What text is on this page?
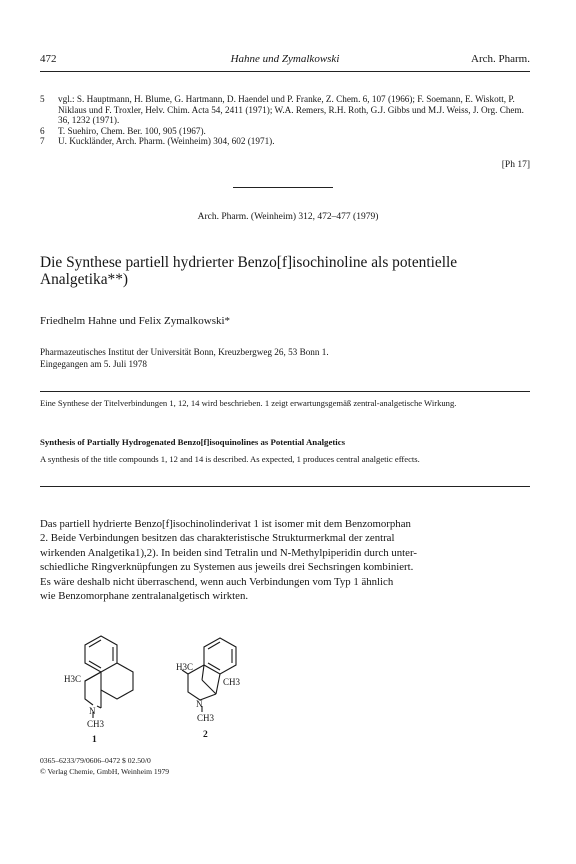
472	Hahne und Zymalkowski	Arch. Pharm.
5 vgl.: S. Hauptmann, H. Blume, G. Hartmann, D. Haendel und P. Franke, Z. Chem. 6, 107 (1966); F. Soemann, E. Wiskott, P. Niklaus und F. Troxler, Helv. Chim. Acta 54, 2411 (1971); W.A. Remers, R.H. Roth, G.J. Gibbs und M.J. Weiss, J. Org. Chem. 36, 1232 (1971).
6 T. Suehiro, Chem. Ber. 100, 905 (1967).
7 U. Kuckländer, Arch. Pharm. (Weinheim) 304, 602 (1971).
[Ph 17]
Arch. Pharm. (Weinheim) 312, 472–477 (1979)
Die Synthese partiell hydrierter Benzo[f]isochinoline als potentielle
Analgetika**)
Friedhelm Hahne und Felix Zymalkowski*
Pharmazeutisches Institut der Universität Bonn, Kreuzbergweg 26, 53 Bonn 1.
Eingegangen am 5. Juli 1978
Eine Synthese der Titelverbindungen 1, 12, 14 wird beschrieben. 1 zeigt erwartungsgemäß zentral-analgetische Wirkung.
Synthesis of Partially Hydrogenated Benzo[f]isoquinolines as Potential Analgetics
A synthesis of the title compounds 1, 12 and 14 is described. As expected, 1 produces central analgetic effects.
Das partiell hydrierte Benzo[f]isochinolinderivat 1 ist isomer mit dem Benzomorphan
2. Beide Verbindungen besitzen das charakteristische Strukturmerkmal der zentral
wirkenden Analgetika1),2). In beiden sind Tetralin und N-Methylpiperidin durch unter-
schiedliche Ringverknüpfungen zu Systemen aus jeweils drei Sechsringen kombiniert.
Es wäre deshalb nicht überraschend, wenn auch Verbindungen vom Typ 1 ähnlich
wie Benzomorphane zentralanalgetisch wirkten.
H3C
N
CH3
1
H3C
CH3
N
CH3
2
0365–6233/79/0606–0472 $ 02.50/0
© Verlag Chemie, GmbH, Weinheim 1979
